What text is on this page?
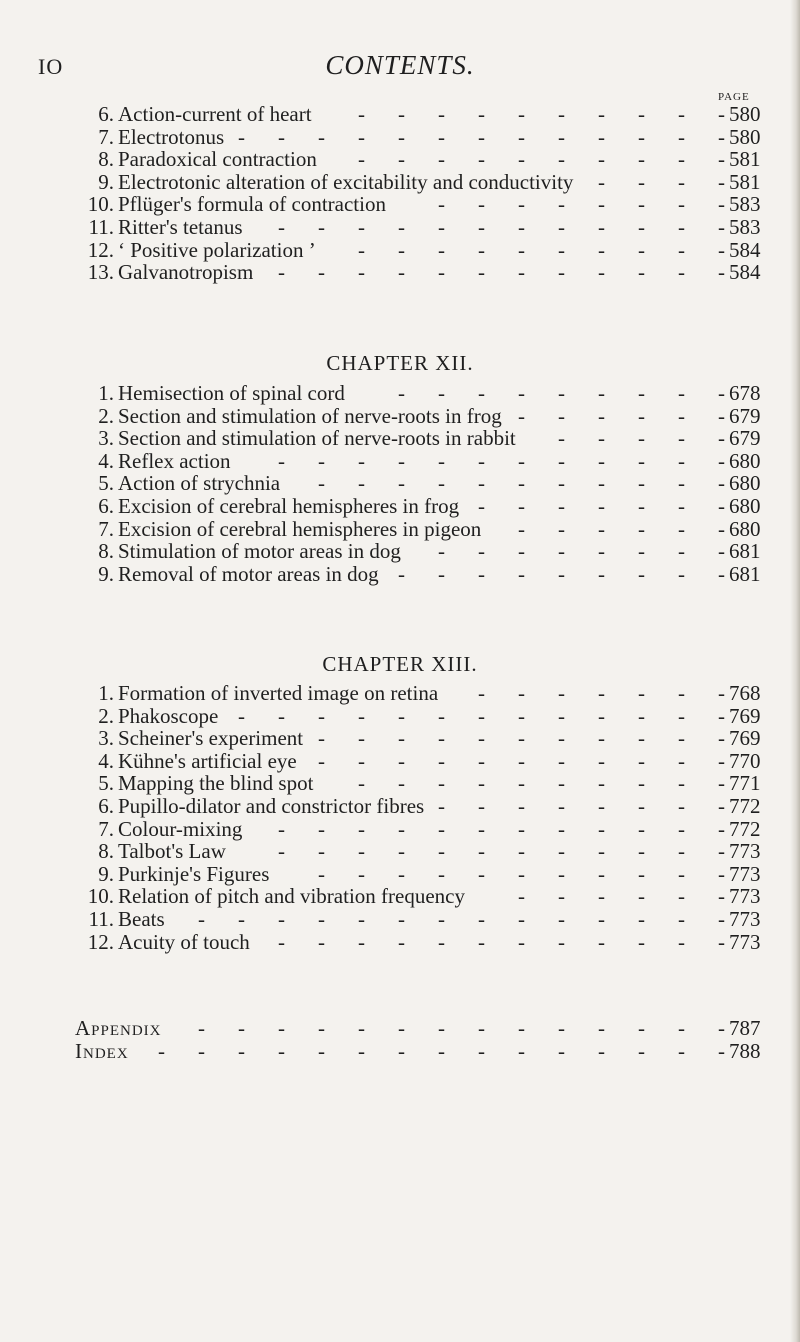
IO	CONTENTS.
PAGE
6. Action-current of heart	580
-
-
-
-
-
-
-
-
-
-
7. Electrotonus	580
-
-
-
-
-
-
-
-
-
-
-
-
-
8. Paradoxical contraction	581
-
-
-
-
-
-
-
-
-
-
9. Electrotonic alteration of excitability and conductivity	581
-
-
-
-
10. Pflüger's formula of contraction	583
-
-
-
-
-
-
-
-
11. Ritter's tetanus	583
-
-
-
-
-
-
-
-
-
-
-
-
12. ‘ Positive polarization ’	584
-
-
-
-
-
-
-
-
-
-
13. Galvanotropism	584
-
-
-
-
-
-
-
-
-
-
-
-
CHAPTER XII.
1. Hemisection of spinal cord	678
-
-
-
-
-
-
-
-
-
2. Section and stimulation of nerve-roots in frog	679
-
-
-
-
-
-
3. Section and stimulation of nerve-roots in rabbit	679
-
-
-
-
-
4. Reflex action	680
-
-
-
-
-
-
-
-
-
-
-
-
5. Action of strychnia	680
-
-
-
-
-
-
-
-
-
-
-
6. Excision of cerebral hemispheres in frog	680
-
-
-
-
-
-
-
7. Excision of cerebral hemispheres in pigeon	680
-
-
-
-
-
-
8. Stimulation of motor areas in dog	681
-
-
-
-
-
-
-
-
9. Removal of motor areas in dog	681
-
-
-
-
-
-
-
-
-
CHAPTER XIII.
1. Formation of inverted image on retina	768
-
-
-
-
-
-
-
2. Phakoscope	769
-
-
-
-
-
-
-
-
-
-
-
-
-
3. Scheiner's experiment	769
-
-
-
-
-
-
-
-
-
-
-
4. Kühne's artificial eye	770
-
-
-
-
-
-
-
-
-
-
-
5. Mapping the blind spot	771
-
-
-
-
-
-
-
-
-
-
6. Pupillo-dilator and constrictor fibres	772
-
-
-
-
-
-
-
-
7. Colour-mixing	772
-
-
-
-
-
-
-
-
-
-
-
-
8. Talbot's Law	773
-
-
-
-
-
-
-
-
-
-
-
-
9. Purkinje's Figures	773
-
-
-
-
-
-
-
-
-
-
-
10. Relation of pitch and vibration frequency	773
-
-
-
-
-
-
11. Beats	773
-
-
-
-
-
-
-
-
-
-
-
-
-
-
12. Acuity of touch	773
-
-
-
-
-
-
-
-
-
-
-
-
Appendix	787
-
-
-
-
-
-
-
-
-
-
-
-
-
-
Index	788
-
-
-
-
-
-
-
-
-
-
-
-
-
-
-
